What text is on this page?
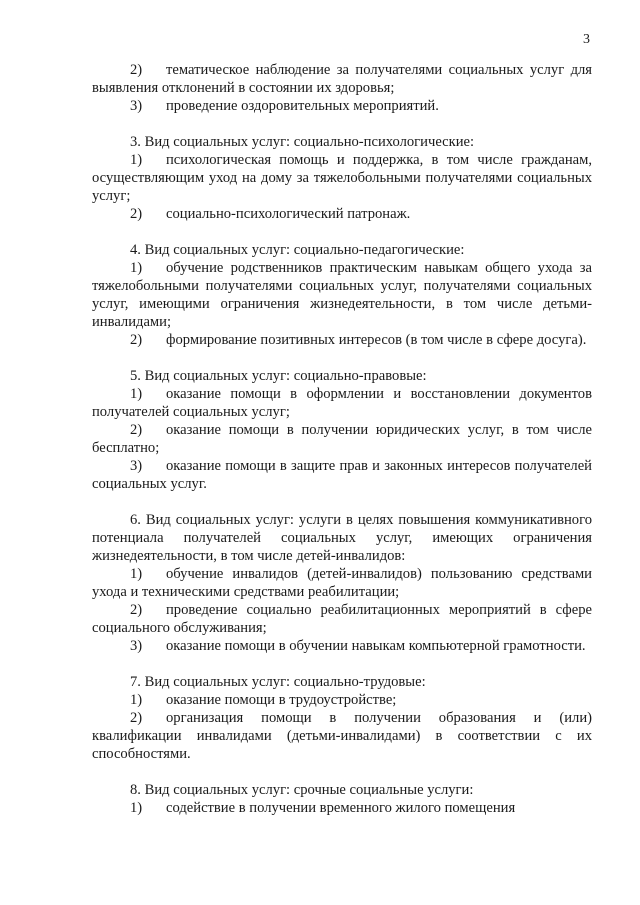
3

2) тематическое наблюдение за получателями социальных услуг для выявления отклонений в состоянии их здоровья;

3) проведение оздоровительных мероприятий.

3. Вид социальных услуг: социально-психологические:

1) психологическая помощь и поддержка, в том числе гражданам, осуществляющим уход на дому за тяжелобольными получателями социальных услуг;

2) социально-психологический патронаж.

4. Вид социальных услуг: социально-педагогические:

1) обучение родственников практическим навыкам общего ухода за тяжелобольными получателями социальных услуг, получателями социальных услуг, имеющими ограничения жизнедеятельности, в том числе детьми-инвалидами;

2) формирование позитивных интересов (в том числе в сфере досуга).

5. Вид социальных услуг: социально-правовые:

1) оказание помощи в оформлении и восстановлении документов получателей социальных услуг;

2) оказание помощи в получении юридических услуг, в том числе бесплатно;

3) оказание помощи в защите прав и законных интересов получателей социальных услуг.

6. Вид социальных услуг: услуги в целях повышения коммуникативного потенциала получателей социальных услуг, имеющих ограничения жизнедеятельности, в том числе детей-инвалидов:

1) обучение инвалидов (детей-инвалидов) пользованию средствами ухода и техническими средствами реабилитации;

2) проведение социально реабилитационных мероприятий в сфере социального обслуживания;

3) оказание помощи в обучении навыкам компьютерной грамотности.

7. Вид социальных услуг: социально-трудовые:

1) оказание помощи в трудоустройстве;

2) организация помощи в получении образования и (или) квалификации инвалидами (детьми-инвалидами) в соответствии с их способностями.

8. Вид социальных услуг: срочные социальные услуги:

1) содействие в получении временного жилого помещения
